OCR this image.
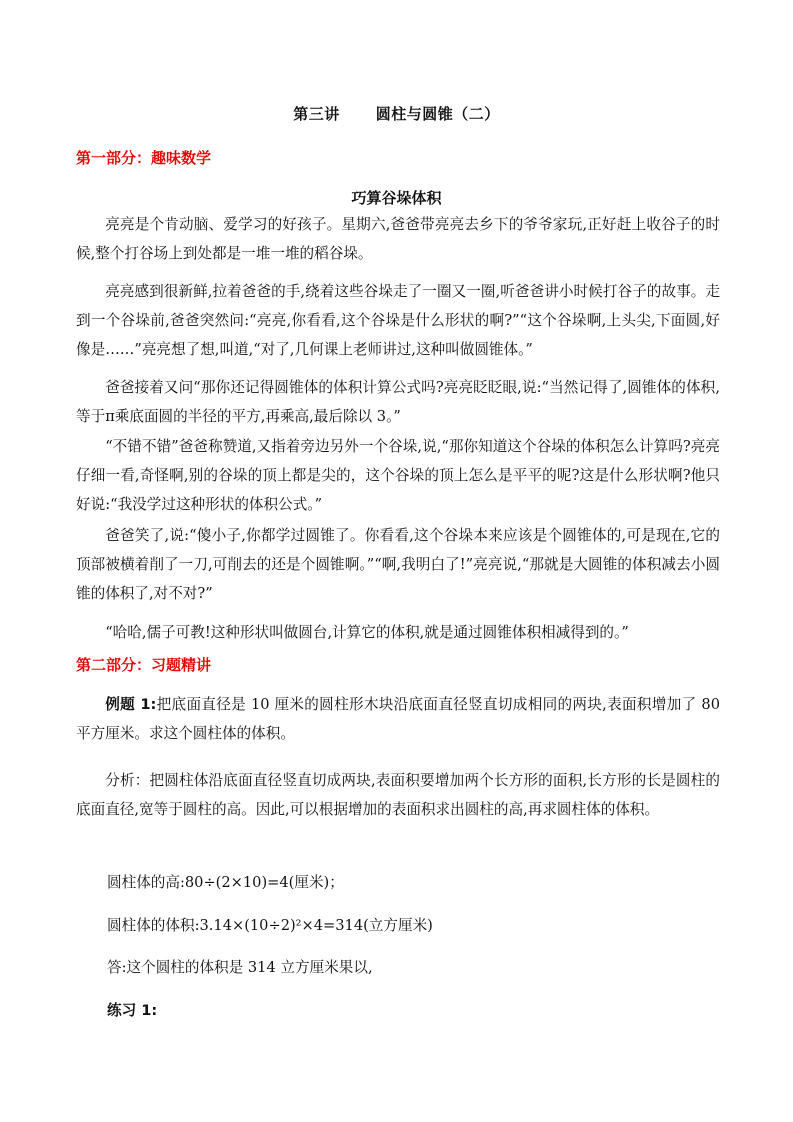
第三讲 圆柱与圆锥（二）
第一部分：趣味数学
巧算谷垛体积

亮亮是个肯动脑、爱学习的好孩子。星期六,爸爸带亮亮去乡下的爷爷家玩,正好赶上收谷子的时候,整个打谷场上到处都是一堆一堆的稻谷垛。

亮亮感到很新鲜,拉着爸爸的手,绕着这些谷垛走了一圈又一圈,听爸爸讲小时候打谷子的故事。走到一个谷垛前,爸爸突然问:“亮亮,你看看,这个谷垛是什么形状的啊?”“这个谷垛啊,上头尖,下面圆,好像是……”亮亮想了想,叫道,“对了,几何课上老师讲过,这种叫做圆锥体。”

爸爸接着又问“那你还记得圆锥体的体积计算公式吗?亮亮眨眨眼,说:“当然记得了,圆锥体的体积,等于π乘底面圆的半径的平方,再乘高,最后除以 3。”

“不错不错”爸爸称赞道,又指着旁边另外一个谷垛,说,“那你知道这个谷垛的体积怎么计算吗?亮亮仔细一看,奇怪啊,别的谷垛的顶上都是尖的，这个谷垛的顶上怎么是平平的呢?这是什么形状啊?他只好说:“我没学过这种形状的体积公式。”

爸爸笑了,说:“傻小子,你都学过圆锥了。你看看,这个谷垛本来应该是个圆锥体的,可是现在,它的顶部被横着削了一刀,可削去的还是个圆锥啊。”“啊,我明白了!”亮亮说,“那就是大圆锥的体积减去小圆锥的体积了,对不对?”

“哈哈,儒子可教!这种形状叫做圆台,计算它的体积,就是通过圆锥体积相减得到的。”

第二部分：习题精讲

例题 1:把底面直径是 10 厘米的圆柱形木块沿底面直径竖直切成相同的两块,表面积增加了 80 平方厘米。求这个圆柱体的体积。

分析：把圆柱体沿底面直径竖直切成两块,表面积要增加两个长方形的面积,长方形的长是圆柱的底面直径,宽等于圆柱的高。因此,可以根据增加的表面积求出圆柱的高,再求圆柱体的体积。

圆柱体的高:80÷(2×10)=4(厘米)；
圆柱体的体积:3.14×(10÷2)²×4=314(立方厘米)
答:这个圆柱的体积是 314 立方厘米果以,
练习 1:
